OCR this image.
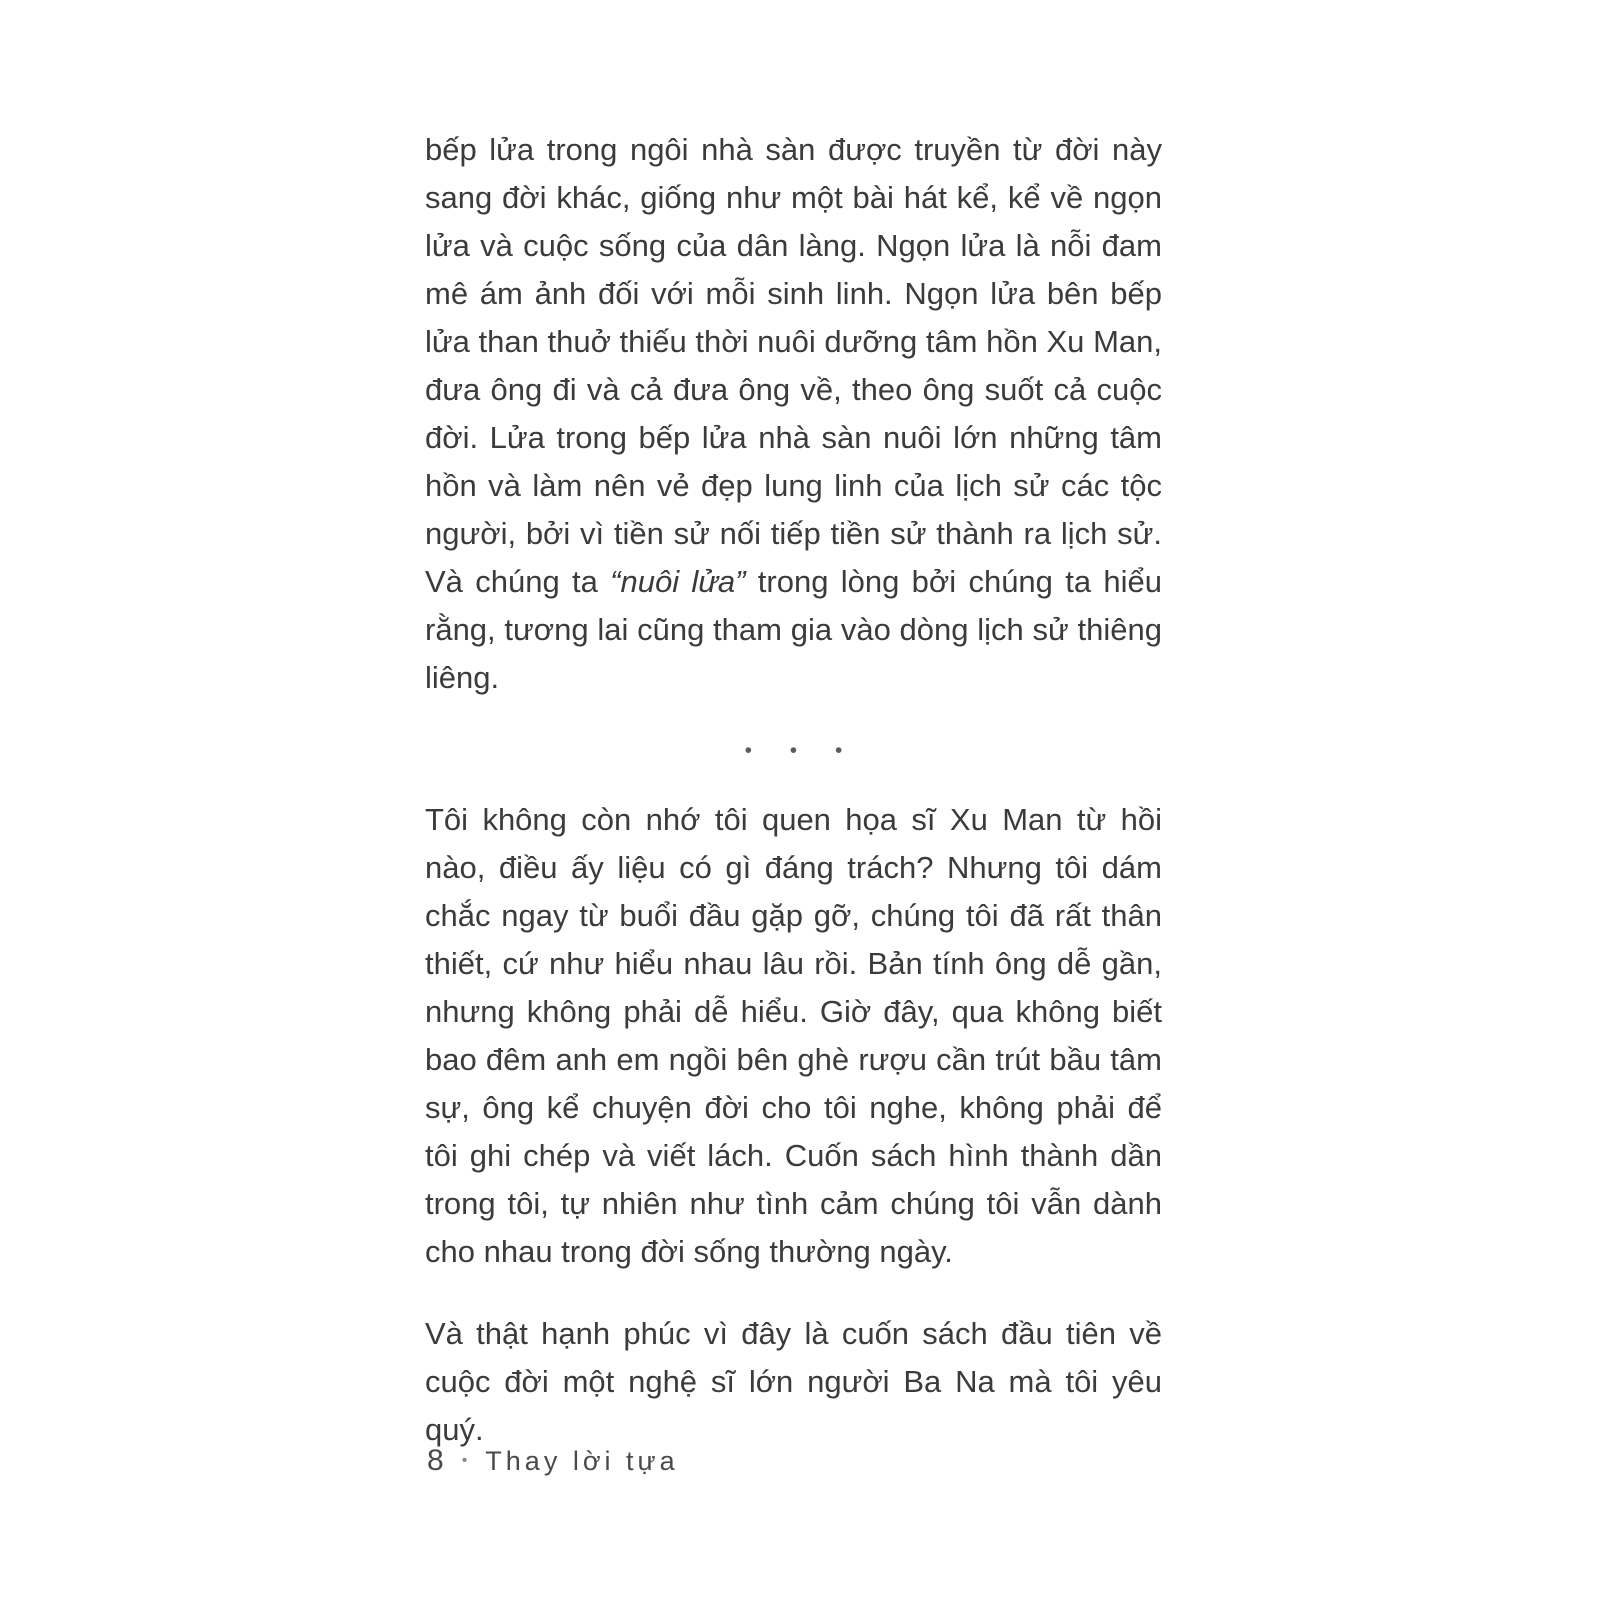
bếp lửa trong ngôi nhà sàn được truyền từ đời này sang đời khác, giống như một bài hát kể, kể về ngọn lửa và cuộc sống của dân làng. Ngọn lửa là nỗi đam mê ám ảnh đối với mỗi sinh linh. Ngọn lửa bên bếp lửa than thuở thiếu thời nuôi dưỡng tâm hồn Xu Man, đưa ông đi và cả đưa ông về, theo ông suốt cả cuộc đời. Lửa trong bếp lửa nhà sàn nuôi lớn những tâm hồn và làm nên vẻ đẹp lung linh của lịch sử các tộc người, bởi vì tiền sử nối tiếp tiền sử thành ra lịch sử. Và chúng ta “nuôi lửa” trong lòng bởi chúng ta hiểu rằng, tương lai cũng tham gia vào dòng lịch sử thiêng liêng.

• • •

Tôi không còn nhớ tôi quen họa sĩ Xu Man từ hồi nào, điều ấy liệu có gì đáng trách? Nhưng tôi dám chắc ngay từ buổi đầu gặp gỡ, chúng tôi đã rất thân thiết, cứ như hiểu nhau lâu rồi. Bản tính ông dễ gần, nhưng không phải dễ hiểu. Giờ đây, qua không biết bao đêm anh em ngồi bên ghè rượu cần trút bầu tâm sự, ông kể chuyện đời cho tôi nghe, không phải để tôi ghi chép và viết lách. Cuốn sách hình thành dần trong tôi, tự nhiên như tình cảm chúng tôi vẫn dành cho nhau trong đời sống thường ngày.

Và thật hạnh phúc vì đây là cuốn sách đầu tiên về cuộc đời một nghệ sĩ lớn người Ba Na mà tôi yêu quý.

8 • Thay lời tựa
